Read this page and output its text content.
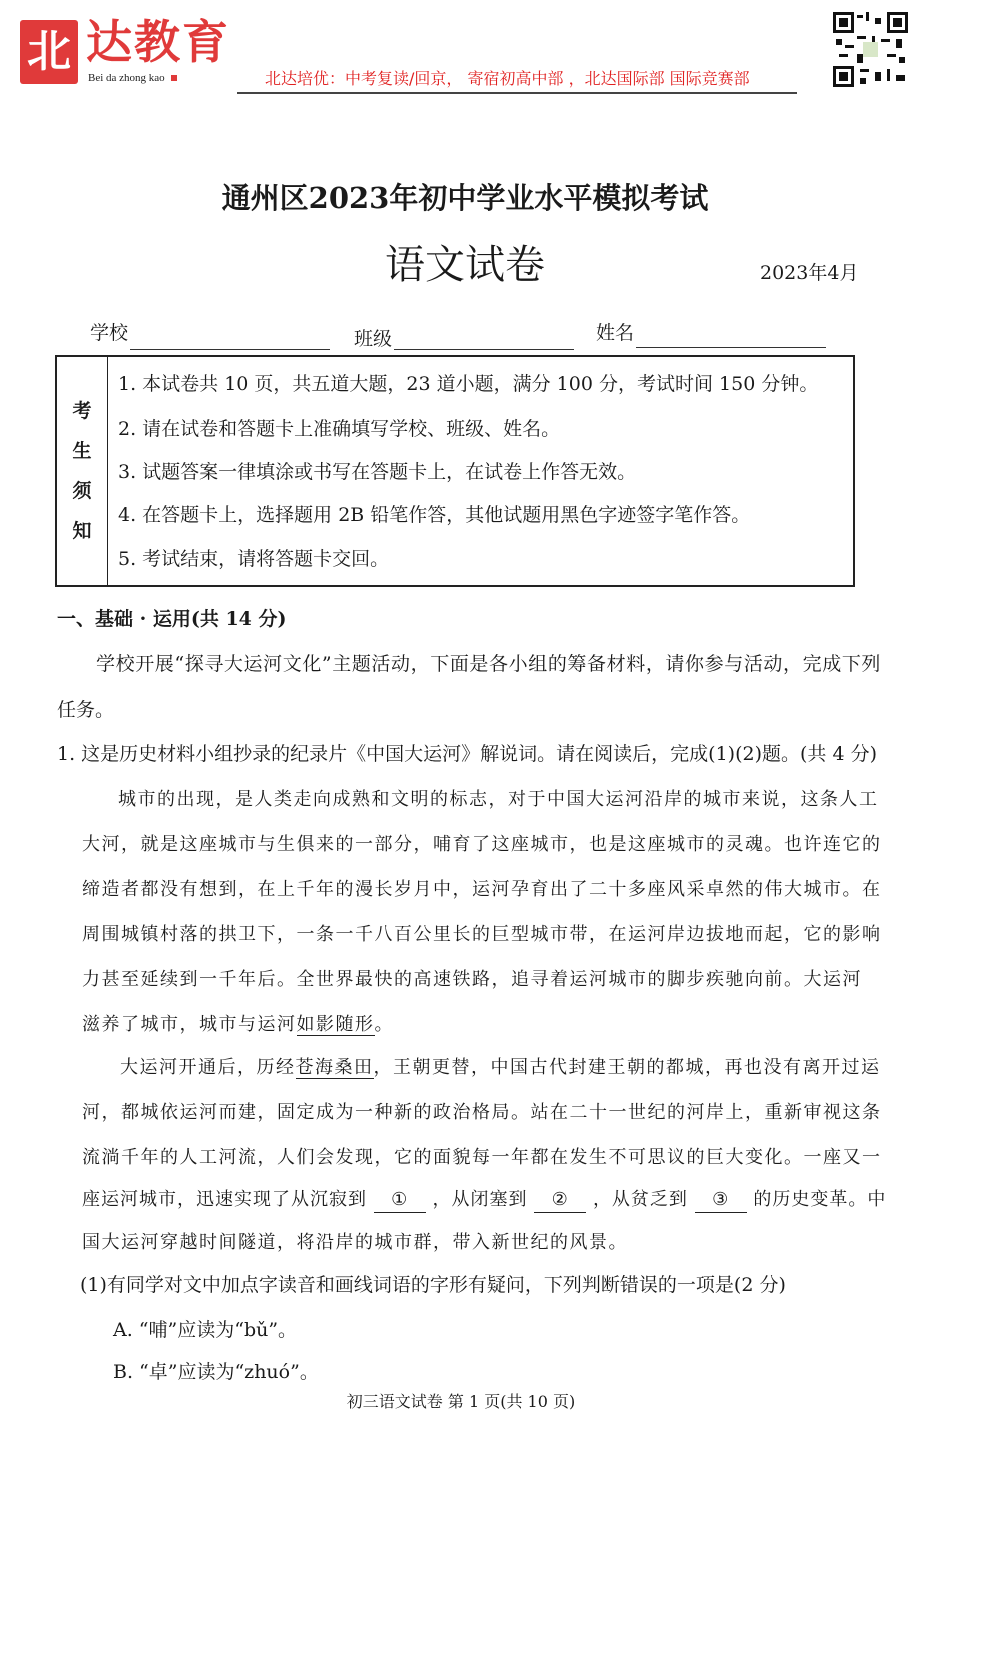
北 达教育
Bei da zhong kao	北达培优：中考复读/回京， 寄宿初高中部 ，北达国际部 国际竞赛部
通州区2023年初中学业水平模拟考试
语文试卷	2023年4月
学校	班级	姓名
考
生
须
知
1. 本试卷共 10 页，共五道大题，23 道小题，满分 100 分，考试时间 150 分钟。
2. 请在试卷和答题卡上准确填写学校、班级、姓名。
3. 试题答案一律填涂或书写在答题卡上，在试卷上作答无效。
4. 在答题卡上，选择题用 2B 铅笔作答，其他试题用黑色字迹签字笔作答。
5. 考试结束，请将答题卡交回。
一、基础 · 运用(共 14 分)
学校开展“探寻大运河文化”主题活动，下面是各小组的筹备材料，请你参与活动，完成下列
任务。
1. 这是历史材料小组抄录的纪录片《中国大运河》解说词。请在阅读后，完成(1)(2)题。(共 4 分)
城市的出现，是人类走向成熟和文明的标志，对于中国大运河沿岸的城市来说，这条人工
大河，就是这座城市与生俱来的一部分，哺育了这座城市，也是这座城市的灵魂。也许连它的
缔造者都没有想到，在上千年的漫长岁月中，运河孕育出了二十多座风采卓然的伟大城市。在
周围城镇村落的拱卫下，一条一千八百公里长的巨型城市带，在运河岸边拔地而起，它的影响
力甚至延续到一千年后。全世界最快的高速铁路，追寻着运河城市的脚步疾驰向前。大运河
滋养了城市，城市与运河如影随形。
大运河开通后，历经苍海桑田，王朝更替，中国古代封建王朝的都城，再也没有离开过运
河，都城依运河而建，固定成为一种新的政治格局。站在二十一世纪的河岸上，重新审视这条
流淌千年的人工河流，人们会发现，它的面貌每一年都在发生不可思议的巨大变化。一座又一
座运河城市，迅速实现了从沉寂到 ① ，从闭塞到 ② ，从贫乏到 ③ 的历史变革。中
国大运河穿越时间隧道，将沿岸的城市群，带入新世纪的风景。
(1)有同学对文中加点字读音和画线词语的字形有疑问，下列判断错误的一项是(2 分)
A. “哺”应读为“bǔ”。
B. “卓”应读为“zhuó”。
初三语文试卷 第 1 页(共 10 页)
